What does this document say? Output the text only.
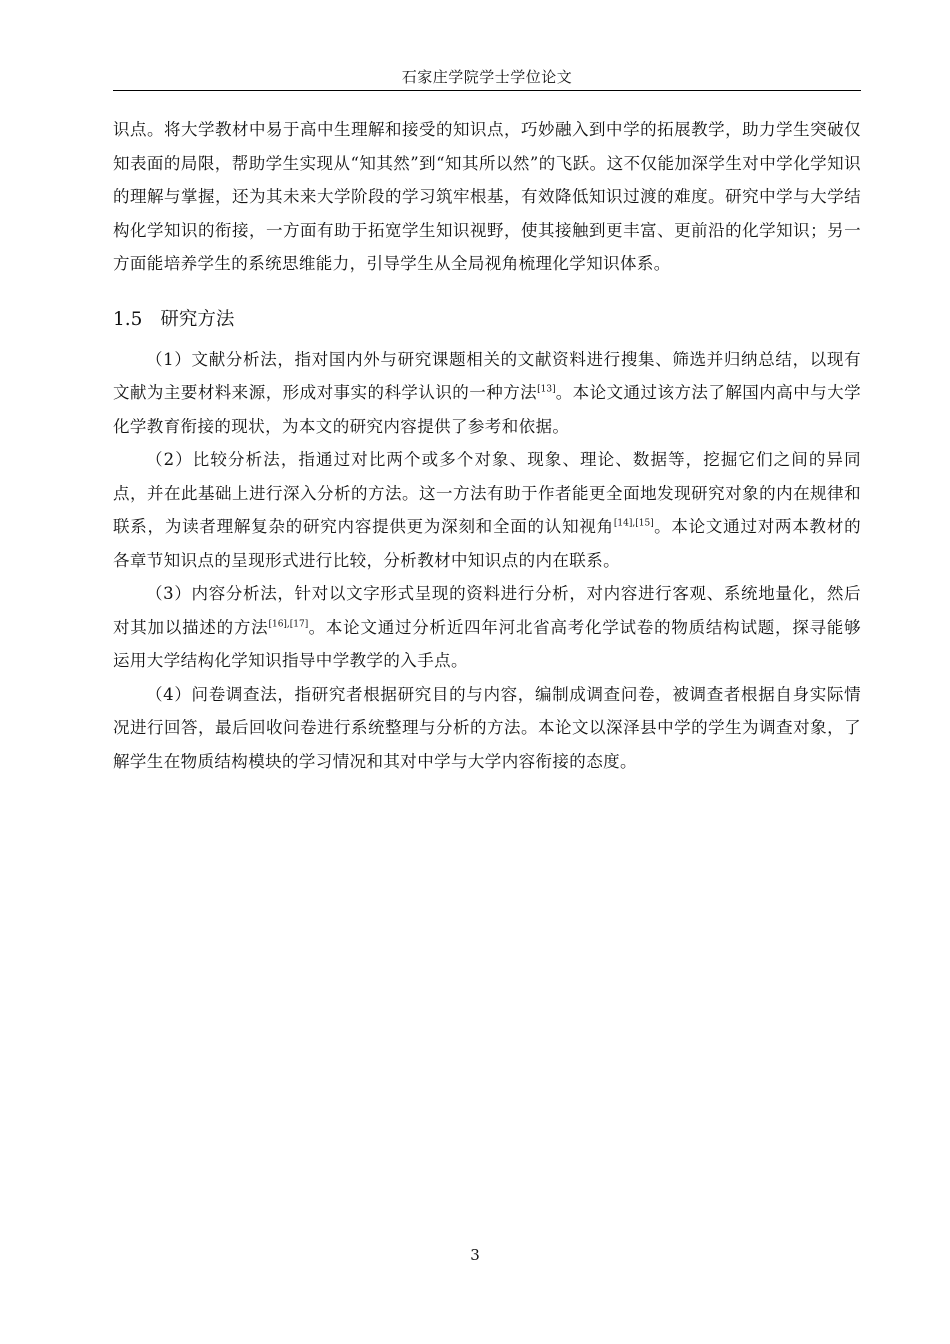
石家庄学院学士学位论文

识点。将大学教材中易于高中生理解和接受的知识点，巧妙融入到中学的拓展教学，助力学生突破仅知表面的局限，帮助学生实现从“知其然”到“知其所以然”的飞跃。这不仅能加深学生对中学化学知识的理解与掌握，还为其未来大学阶段的学习筑牢根基，有效降低知识过渡的难度。研究中学与大学结构化学知识的衔接，一方面有助于拓宽学生知识视野，使其接触到更丰富、更前沿的化学知识；另一方面能培养学生的系统思维能力，引导学生从全局视角梳理化学知识体系。

1.5 研究方法

（1）文献分析法，指对国内外与研究课题相关的文献资料进行搜集、筛选并归纳总结，以现有文献为主要材料来源，形成对事实的科学认识的一种方法[13]。本论文通过该方法了解国内高中与大学化学教育衔接的现状，为本文的研究内容提供了参考和依据。

（2）比较分析法，指通过对比两个或多个对象、现象、理论、数据等，挖掘它们之间的异同点，并在此基础上进行深入分析的方法。这一方法有助于作者能更全面地发现研究对象的内在规律和联系，为读者理解复杂的研究内容提供更为深刻和全面的认知视角[14],[15]。本论文通过对两本教材的各章节知识点的呈现形式进行比较，分析教材中知识点的内在联系。

（3）内容分析法，针对以文字形式呈现的资料进行分析，对内容进行客观、系统地量化，然后对其加以描述的方法[16],[17]。本论文通过分析近四年河北省高考化学试卷的物质结构试题，探寻能够运用大学结构化学知识指导中学教学的入手点。

（4）问卷调查法，指研究者根据研究目的与内容，编制成调查问卷，被调查者根据自身实际情况进行回答，最后回收问卷进行系统整理与分析的方法。本论文以深泽县中学的学生为调查对象，了解学生在物质结构模块的学习情况和其对中学与大学内容衔接的态度。

3
